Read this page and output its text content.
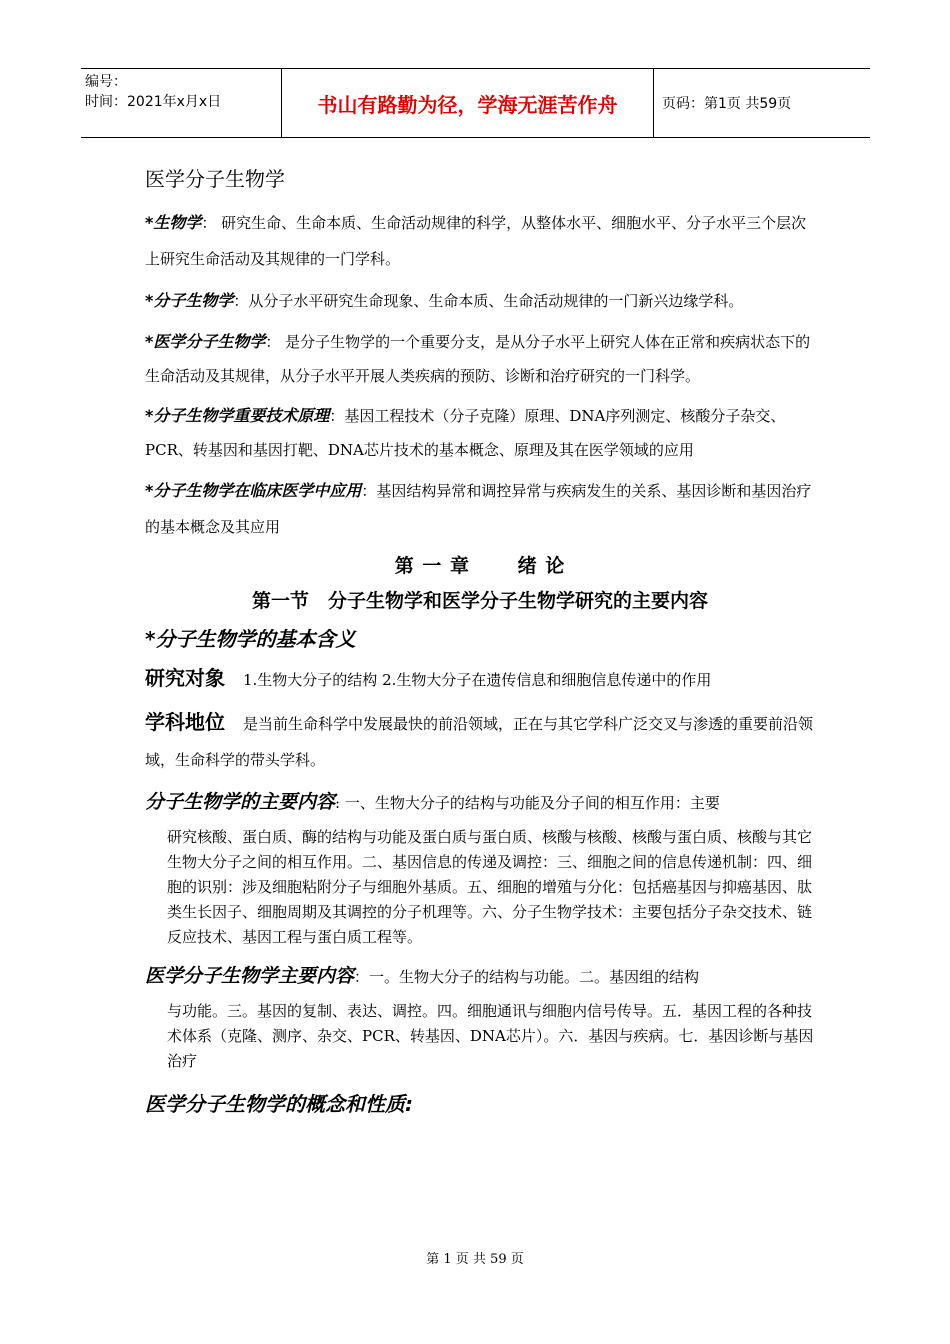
编号：
时间：2021年x月x日	书山有路勤为径，学海无涯苦作舟	页码：第1页 共59页
医学分子生物学

*生物学： 研究生命、生命本质、生命活动规律的科学，从整体水平、细胞水平、分子水平三个层次上研究生命活动及其规律的一门学科。

*分子生物学：从分子水平研究生命现象、生命本质、生命活动规律的一门新兴边缘学科。

*医学分子生物学： 是分子生物学的一个重要分支，是从分子水平上研究人体在正常和疾病状态下的生命活动及其规律，从分子水平开展人类疾病的预防、诊断和治疗研究的一门科学。

*分子生物学重要技术原理：基因工程技术（分子克隆）原理、DNA序列测定、核酸分子杂交、PCR、转基因和基因打靶、DNA芯片技术的基本概念、原理及其在医学领域的应用

*分子生物学在临床医学中应用：基因结构异常和调控异常与疾病发生的关系、基因诊断和基因治疗的基本概念及其应用

第 一 章　　 绪 论
第一节　分子生物学和医学分子生物学研究的主要内容
*分子生物学的基本含义

研究对象 1.生物大分子的结构 2.生物大分子在遗传信息和细胞信息传递中的作用

学科地位 是当前生命科学中发展最快的前沿领域，正在与其它学科广泛交叉与渗透的重要前沿领域，生命科学的带头学科。

分子生物学的主要内容: 一、生物大分子的结构与功能及分子间的相互作用：主要

研究核酸、蛋白质、酶的结构与功能及蛋白质与蛋白质、核酸与核酸、核酸与蛋白质、核酸与其它生物大分子之间的相互作用。二、基因信息的传递及调控：三、细胞之间的信息传递机制：四、细胞的识别：涉及细胞粘附分子与细胞外基质。五、细胞的增殖与分化：包括癌基因与抑癌基因、肽类生长因子、细胞周期及其调控的分子机理等。六、分子生物学技术：主要包括分子杂交技术、链反应技术、基因工程与蛋白质工程等。

医学分子生物学主要内容：一。生物大分子的结构与功能。二。基因组的结构

与功能。三。基因的复制、表达、调控。四。细胞通讯与细胞内信号传导。五．基因工程的各种技术体系（克隆、测序、杂交、PCR、转基因、DNA芯片）。六．基因与疾病。七．基因诊断与基因治疗
医学分子生物学的概念和性质:
第 1 页 共 59 页
